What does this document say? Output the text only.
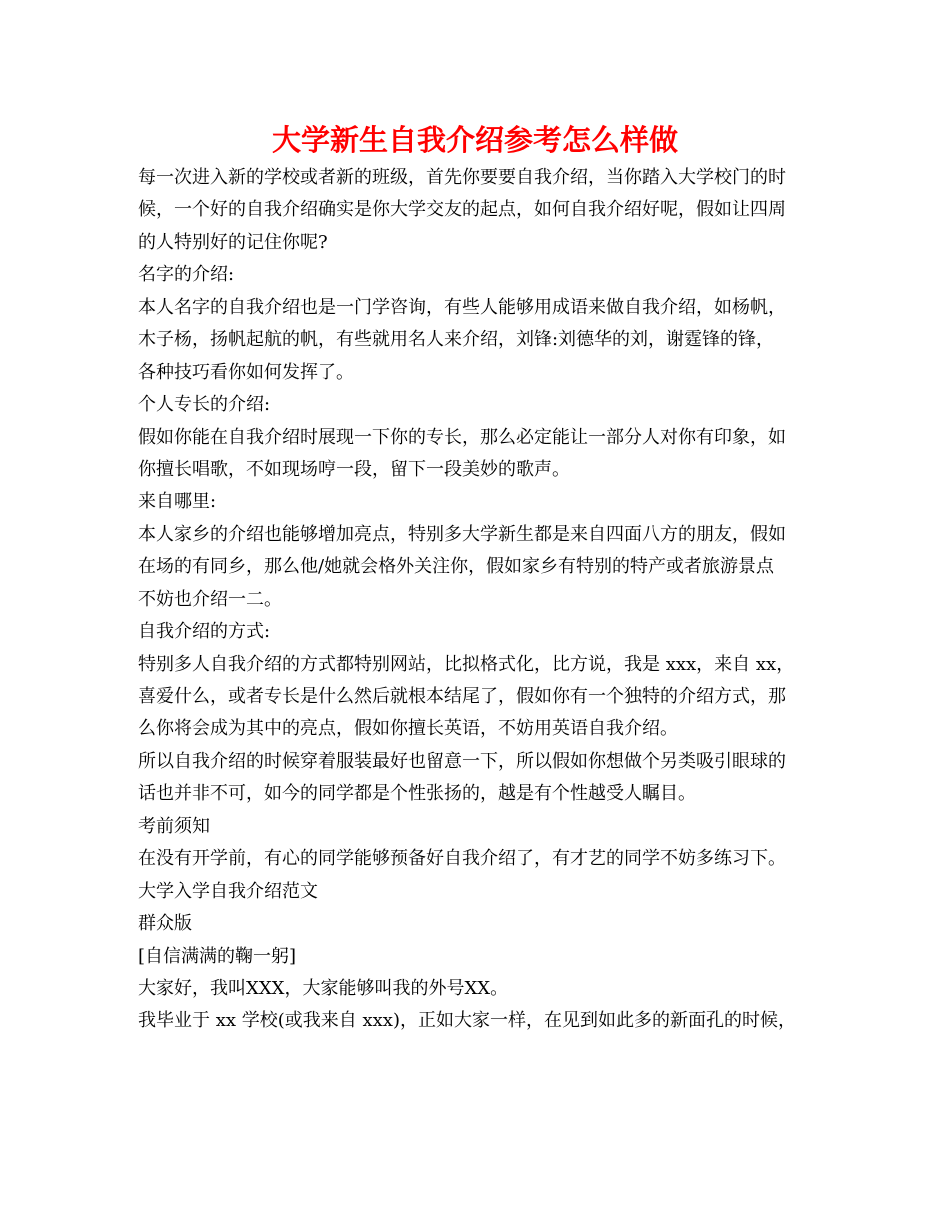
大学新生自我介绍参考怎么样做
每一次进入新的学校或者新的班级，首先你要要自我介绍，当你踏入大学校门的时
候，一个好的自我介绍确实是你大学交友的起点，如何自我介绍好呢，假如让四周
的人特别好的记住你呢?
名字的介绍:
本人名字的自我介绍也是一门学咨询，有些人能够用成语来做自我介绍，如杨帆，
木子杨，扬帆起航的帆，有些就用名人来介绍，刘锋:刘德华的刘，谢霆锋的锋，
各种技巧看你如何发挥了。
个人专长的介绍:
假如你能在自我介绍时展现一下你的专长，那么必定能让一部分人对你有印象，如
你擅长唱歌，不如现场哼一段，留下一段美妙的歌声。
来自哪里:
本人家乡的介绍也能够增加亮点，特别多大学新生都是来自四面八方的朋友，假如
在场的有同乡，那么他/她就会格外关注你，假如家乡有特别的特产或者旅游景点
不妨也介绍一二。
自我介绍的方式:
特别多人自我介绍的方式都特别网站，比拟格式化，比方说，我是 xxx，来自 xx，
喜爱什么，或者专长是什么然后就根本结尾了，假如你有一个独特的介绍方式，那
么你将会成为其中的亮点，假如你擅长英语，不妨用英语自我介绍。
所以自我介绍的时候穿着服装最好也留意一下，所以假如你想做个另类吸引眼球的
话也并非不可，如今的同学都是个性张扬的，越是有个性越受人瞩目。
考前须知
在没有开学前，有心的同学能够预备好自我介绍了，有才艺的同学不妨多练习下。
大学入学自我介绍范文
群众版
[自信满满的鞠一躬]
大家好，我叫XXX，大家能够叫我的外号XX。
我毕业于 xx 学校(或我来自 xxx)，正如大家一样，在见到如此多的新面孔的时候，
